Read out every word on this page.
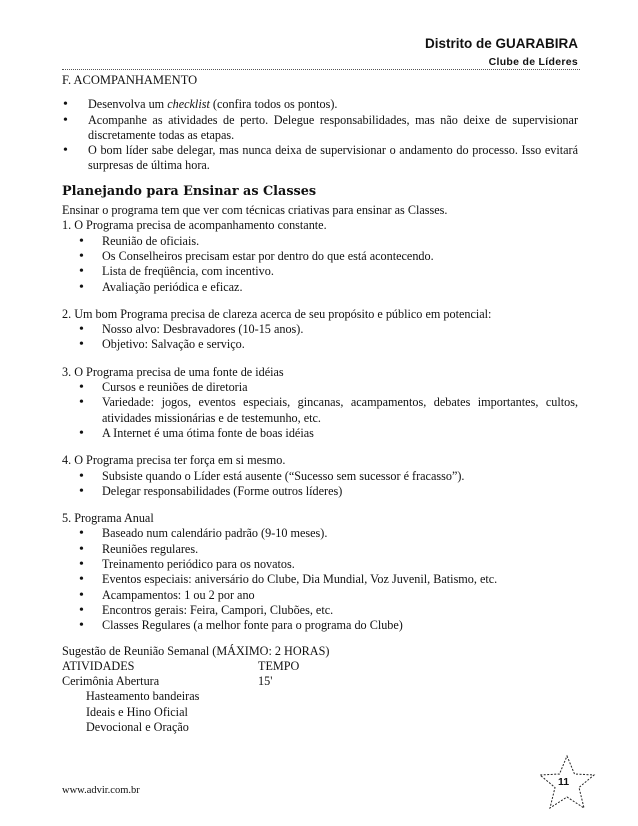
Distrito de GUARABIRA
Clube de Líderes

F. ACOMPANHAMENTO

• Desenvolva um checklist (confira todos os pontos).
• Acompanhe as atividades de perto. Delegue responsabilidades, mas não deixe de supervisionar discretamente todas as etapas.
• O bom líder sabe delegar, mas nunca deixa de supervisionar o andamento do processo. Isso evitará surpresas de última hora.
Planejando para Ensinar as Classes

Ensinar o programa tem que ver com técnicas criativas para ensinar as Classes.

1. O Programa precisa de acompanhamento constante.

• Reunião de oficiais.
• Os Conselheiros precisam estar por dentro do que está acontecendo.
• Lista de freqüência, com incentivo.
• Avaliação periódica e eficaz.

2. Um bom Programa precisa de clareza acerca de seu propósito e público em potencial:

• Nosso alvo: Desbravadores (10-15 anos).
• Objetivo: Salvação e serviço.

3. O Programa precisa de uma fonte de idéias

• Cursos e reuniões de diretoria
• Variedade: jogos, eventos especiais, gincanas, acampamentos, debates importantes, cultos, atividades missionárias e de testemunho, etc.
• A Internet é uma ótima fonte de boas idéias

4. O Programa precisa ter força em si mesmo.

• Subsiste quando o Líder está ausente (“Sucesso sem sucessor é fracasso”).
• Delegar responsabilidades (Forme outros líderes)

5. Programa Anual

• Baseado num calendário padrão (9-10 meses).
• Reuniões regulares.
• Treinamento periódico para os novatos.
• Eventos especiais: aniversário do Clube, Dia Mundial, Voz Juvenil, Batismo, etc.
• Acampamentos: 1 ou 2 por ano
• Encontros gerais: Feira, Campori, Clubões, etc.
• Classes Regulares (a melhor fonte para o programa do Clube)

Sugestão de Reunião Semanal (MÁXIMO: 2 HORAS)

ATIVIDADES	TEMPO
Cerimônia Abertura	15'

Hasteamento bandeiras

Ideais e Hino Oficial

Devocional e Oração

www.advir.com.br
11
